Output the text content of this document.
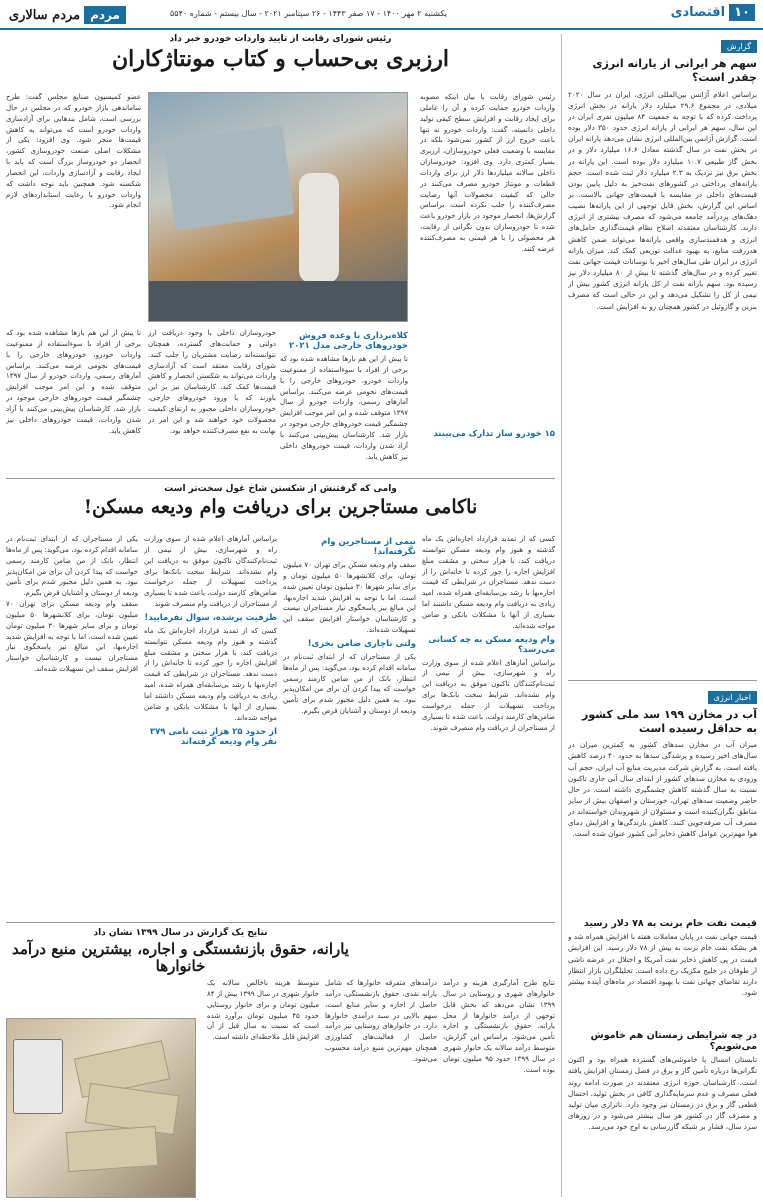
مردم
مردم سالاری	یکشنبه ۲ مهر ۱۴۰۰ - ۱۷ صفر ۱۴۴۳ - ۲۶ سپتامبر ۲۰۲۱ - سال بیستم - شماره ۵۵۴۰	۱۰
اقتصادی
گزارش
سهم هر ایرانی از یارانه انرژی چقدر است؟
براساس اعلام آژانس بین‌المللی انرژی، ایران در سال ۲۰۲۰ میلادی، در مجموع ۲۹.۶ میلیارد دلار یارانه در بخش انرژی پرداخت کرده که با توجه به جمعیت ۸۴ میلیون نفری ایران در این سال، سهم هر ایرانی از یارانه انرژی حدود ۳۵۰ دلار بوده است. گزارش آژانس بین‌المللی انرژی نشان می‌دهد یارانه ایران در بخش نفت در سال گذشته معادل ۱۶.۶ میلیارد دلار و در بخش گاز طبیعی ۱۰.۷ میلیارد دلار بوده است. این یارانه در بخش برق نیز نزدیک به ۲.۳ میلیارد دلار ثبت شده است. حجم یارانه‌های پرداختی در کشورهای نفت‌خیز به دلیل پایین بودن قیمت‌های داخلی در مقایسه با قیمت‌های جهانی بالاست. بر اساس این گزارش، بخش قابل توجهی از این یارانه‌ها نصیب دهک‌های پردرآمد جامعه می‌شود که مصرف بیشتری از انرژی دارند. کارشناسان معتقدند اصلاح نظام قیمت‌گذاری حامل‌های انرژی و هدفمندسازی واقعی یارانه‌ها می‌تواند ضمن کاهش هدررفت منابع، به بهبود عدالت توزیعی کمک کند. میزان یارانه انرژی در ایران طی سال‌های اخیر با نوسانات قیمت جهانی نفت تغییر کرده و در سال‌های گذشته تا بیش از ۸۰ میلیارد دلار نیز رسیده بود. سهم یارانه نفت از کل یارانه انرژی کشور بیش از نیمی از کل را تشکیل می‌دهد و این در حالی است که مصرف بنزین و گازوئیل در کشور همچنان رو به افزایش است.
اخبار انرژی
آب در مخازن ۱۹۹ سد ملی کشور به حداقل رسیده است
میزان آب در مخازن سدهای کشور به کمترین میزان در سال‌های اخیر رسیده و پرشدگی سدها به حدود ۴۰ درصد کاهش یافته است. به گزارش شرکت مدیریت منابع آب ایران، حجم آب ورودی به مخازن سدهای کشور از ابتدای سال آبی جاری تاکنون نسبت به سال گذشته کاهش چشمگیری داشته است. در حال حاضر وضعیت سدهای تهران، خوزستان و اصفهان بیش از سایر مناطق نگران‌کننده است و مسئولان از شهروندان خواسته‌اند در مصرف آب صرفه‌جویی کنند. کاهش بارندگی‌ها و افزایش دمای هوا مهم‌ترین عوامل کاهش ذخایر آبی کشور عنوان شده است.
قیمت نفت خام برنت به ۷۸ دلار رسید
قیمت جهانی نفت در پایان معاملات هفته با افزایش همراه شد و هر بشکه نفت خام برنت به بیش از ۷۸ دلار رسید. این افزایش قیمت در پی کاهش ذخایر نفت آمریکا و اختلال در عرضه ناشی از طوفان در خلیج مکزیک رخ داده است. تحلیلگران بازار انتظار دارند تقاضای جهانی نفت با بهبود اقتصاد در ماه‌های آینده بیشتر شود.
در چه شرایطی زمستان هم خاموش می‌شویم؟
تابستان امسال با خاموشی‌های گسترده همراه بود و اکنون نگرانی‌ها درباره تأمین گاز و برق در فصل زمستان افزایش یافته است. کارشناسان حوزه انرژی معتقدند در صورت ادامه روند فعلی مصرف و عدم سرمایه‌گذاری کافی در بخش تولید، احتمال قطعی گاز و برق در زمستان نیز وجود دارد. ناترازی میان تولید و مصرف گاز در کشور هر سال بیشتر می‌شود و در روزهای سرد سال، فشار بر شبکه گازرسانی به اوج خود می‌رسد.
رئیس شورای رقابت از تایید واردات خودرو خبر داد
ارزبری بی‌حساب و کتاب مونتاژکاران
رئیس شورای رقابت با بیان اینکه مصوبه واردات خودرو حمایت کرده و آن را عاملی برای ایجاد رقابت و افزایش سطح کیفی تولید داخلی دانسته، گفت: واردات خودرو نه تنها باعث خروج ارز از کشور نمی‌شود بلکه در مقایسه با وضعیت فعلی خودروسازان، ارزبری بسیار کمتری دارد. وی افزود: خودروسازان داخلی سالانه میلیاردها دلار ارز برای واردات قطعات و مونتاژ خودرو مصرف می‌کنند در حالی که کیفیت محصولات آنها رضایت مصرف‌کننده را جلب نکرده است. براساس گزارش‌ها، انحصار موجود در بازار خودرو باعث شده تا خودروسازان بدون نگرانی از رقابت، هر محصولی را با هر قیمتی به مصرف‌کننده عرضه کنند.
عضو کمیسیون صنایع مجلس گفت: طرح ساماندهی بازار خودرو که در مجلس در حال بررسی است، شامل بندهایی برای آزادسازی واردات خودرو است که می‌تواند به کاهش قیمت‌ها منجر شود. وی افزود: یکی از مشکلات اصلی صنعت خودروسازی کشور، انحصار دو خودروساز بزرگ است که باید با ایجاد رقابت و آزادسازی واردات، این انحصار شکسته شود. همچنین باید توجه داشت که واردات خودرو با رعایت استانداردهای لازم انجام شود.
۱۵ خودرو ساز تدارک می‌بینند
خودروسازان داخلی با وجود دریافت ارز دولتی و حمایت‌های گسترده، همچنان نتوانسته‌اند رضایت مشتریان را جلب کنند. شورای رقابت معتقد است که آزادسازی واردات می‌تواند به شکستن انحصار و کاهش قیمت‌ها کمک کند. کارشناسان نیز بر این باورند که با ورود خودروهای خارجی، خودروسازان داخلی مجبور به ارتقای کیفیت محصولات خود خواهند شد و این امر در نهایت به نفع مصرف‌کننده خواهد بود.
کلاه‌برداری با وعده فروش خودروهای خارجی مدل ۲۰۲۱
تا پیش از این هم بارها مشاهده شده بود که برخی از افراد با سوءاستفاده از ممنوعیت واردات خودرو، خودروهای خارجی را با قیمت‌های نجومی عرضه می‌کنند. براساس آمارهای رسمی، واردات خودرو از سال ۱۳۹۷ متوقف شده و این امر موجب افزایش چشمگیر قیمت خودروهای خارجی موجود در بازار شد. کارشناسان پیش‌بینی می‌کنند با آزاد شدن واردات، قیمت خودروهای داخلی نیز کاهش یابد.
تا پیش از این هم بارها مشاهده شده بود که برخی از افراد با سوءاستفاده از ممنوعیت واردات خودرو، خودروهای خارجی را با قیمت‌های نجومی عرضه می‌کنند. براساس آمارهای رسمی، واردات خودرو از سال ۱۳۹۷ متوقف شده و این امر موجب افزایش چشمگیر قیمت خودروهای خارجی موجود در بازار شد. کارشناسان پیش‌بینی می‌کنند با آزاد شدن واردات، قیمت خودروهای داخلی نیز کاهش یابد.
وامی که گرفتنش از شکستن شاخ غول سخت‌تر است
ناکامی مستاجرین برای دریافت وام ودیعه مسکن!
کسی که از تمدید قرارداد اجاره‌اش یک ماه گذشته و هنوز وام ودیعه مسکن نتوانسته دریافت کند، با هزار سختی و مشقت مبلغ افزایش اجاره را جور کرده تا خانه‌اش را از دست ندهد. مستاجران در شرایطی که قیمت اجاره‌بها با رشد بی‌سابقه‌ای همراه شده، امید زیادی به دریافت وام ودیعه مسکن داشتند اما بسیاری از آنها با مشکلات بانکی و ضامن مواجه شده‌اند.
وام ودیعه مسکن به چه کسانی می‌رسد؟
براساس آمارهای اعلام شده از سوی وزارت راه و شهرسازی، بیش از نیمی از ثبت‌نام‌کنندگان تاکنون موفق به دریافت این وام نشده‌اند. شرایط سخت بانک‌ها برای پرداخت تسهیلات از جمله درخواست ضامن‌های کارمند دولت، باعث شده تا بسیاری از مستاجران از دریافت وام منصرف شوند.
نیمی از مستاجرین وام نگرفته‌اند!
سقف وام ودیعه مسکن برای تهران ۷۰ میلیون تومان، برای کلانشهرها ۵۰ میلیون تومان و برای سایر شهرها ۳۰ میلیون تومان تعیین شده است. اما با توجه به افزایش شدید اجاره‌بها، این مبالغ نیز پاسخگوی نیاز مستاجران نیست و کارشناسان خواستار افزایش سقف این تسهیلات شده‌اند.
ولتی ناچاری ضامن بخری!
یکی از مستاجران که از ابتدای ثبت‌نام در سامانه اقدام کرده بود، می‌گوید: پس از ماه‌ها انتظار، بانک از من ضامن کارمند رسمی خواست که پیدا کردن آن برای من امکان‌پذیر نبود. به همین دلیل مجبور شدم برای تأمین ودیعه از دوستان و آشنایان قرض بگیرم.
براساس آمارهای اعلام شده از سوی وزارت راه و شهرسازی، بیش از نیمی از ثبت‌نام‌کنندگان تاکنون موفق به دریافت این وام نشده‌اند. شرایط سخت بانک‌ها برای پرداخت تسهیلات از جمله درخواست ضامن‌های کارمند دولت، باعث شده تا بسیاری از مستاجران از دریافت وام منصرف شوند.
ظرفیت پرشده، سوال نفرمایید!
کسی که از تمدید قرارداد اجاره‌اش یک ماه گذشته و هنوز وام ودیعه مسکن نتوانسته دریافت کند، با هزار سختی و مشقت مبلغ افزایش اجاره را جور کرده تا خانه‌اش را از دست ندهد. مستاجران در شرایطی که قیمت اجاره‌بها با رشد بی‌سابقه‌ای همراه شده، امید زیادی به دریافت وام ودیعه مسکن داشتند اما بسیاری از آنها با مشکلات بانکی و ضامن مواجه شده‌اند.
از حدود ۲۵ هزار ثبت نامی ۳۷۹ نفر وام ودیعه گرفته‌اند
یکی از مستاجران که از ابتدای ثبت‌نام در سامانه اقدام کرده بود، می‌گوید: پس از ماه‌ها انتظار، بانک از من ضامن کارمند رسمی خواست که پیدا کردن آن برای من امکان‌پذیر نبود. به همین دلیل مجبور شدم برای تأمین ودیعه از دوستان و آشنایان قرض بگیرم.
سقف وام ودیعه مسکن برای تهران ۷۰ میلیون تومان، برای کلانشهرها ۵۰ میلیون تومان و برای سایر شهرها ۳۰ میلیون تومان تعیین شده است. اما با توجه به افزایش شدید اجاره‌بها، این مبالغ نیز پاسخگوی نیاز مستاجران نیست و کارشناسان خواستار افزایش سقف این تسهیلات شده‌اند.
نتایج یک گزارش در سال ۱۳۹۹ نشان داد
یارانه، حقوق بازنشستگی و اجاره، بیشترین منبع درآمد خانوارها
نتایج طرح آمارگیری هزینه و درآمد خانوارهای شهری و روستایی در سال ۱۳۹۹ نشان می‌دهد که بخش قابل توجهی از درآمد خانوارها از محل یارانه، حقوق بازنشستگی و اجاره تأمین می‌شود. براساس این گزارش، متوسط درآمد سالانه یک خانوار شهری در سال ۱۳۹۹ حدود ۹۵ میلیون تومان بوده است.
درآمدهای متفرقه خانوارها که شامل یارانه نقدی، حقوق بازنشستگی، درآمد حاصل از اجاره و سایر منابع است، سهم بالایی در سبد درآمدی خانوارها دارد. در خانوارهای روستایی نیز درآمد حاصل از فعالیت‌های کشاورزی همچنان مهم‌ترین منبع درآمد محسوب می‌شود.
متوسط هزینه ناخالص سالانه یک خانوار شهری در سال ۱۳۹۹ بیش از ۸۴ میلیون تومان و برای خانوار روستایی حدود ۴۵ میلیون تومان برآورد شده است که نسبت به سال قبل از آن افزایش قابل ملاحظه‌ای داشته است.
